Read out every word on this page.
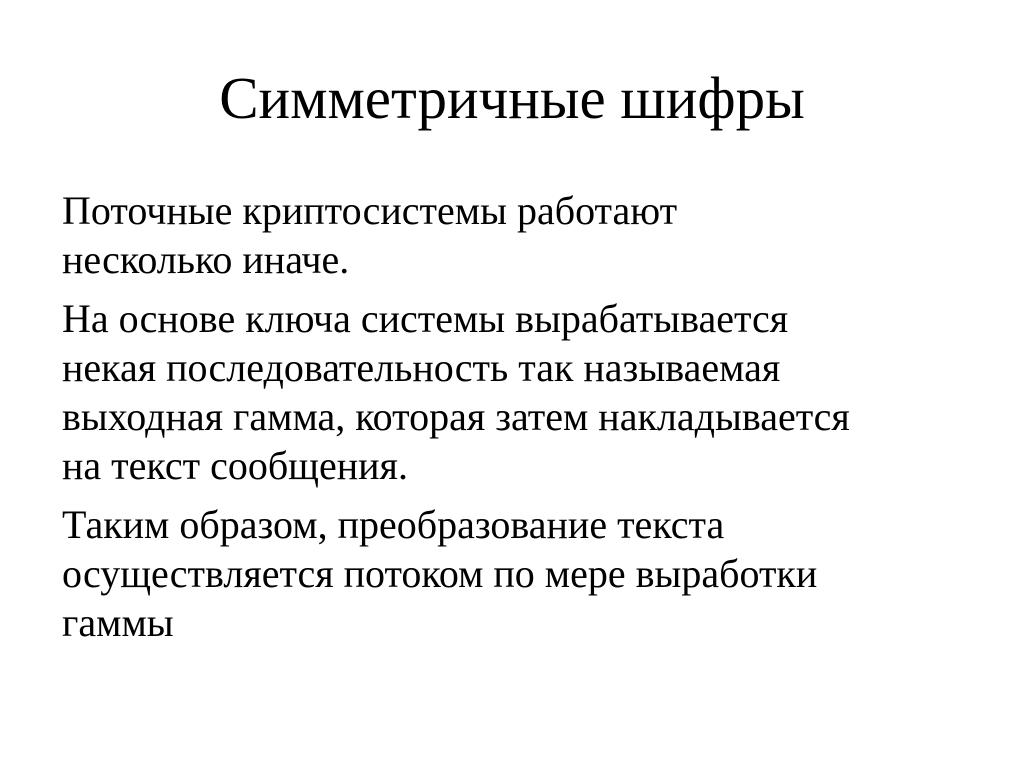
Симметричные шифры
Поточные криптосистемы работают
несколько иначе.
На основе ключа системы вырабатывается
некая последовательность так называемая
выходная гамма, которая затем накладывается
на текст сообщения.
Таким образом, преобразование текста
осуществляется потоком по мере выработки
гаммы
